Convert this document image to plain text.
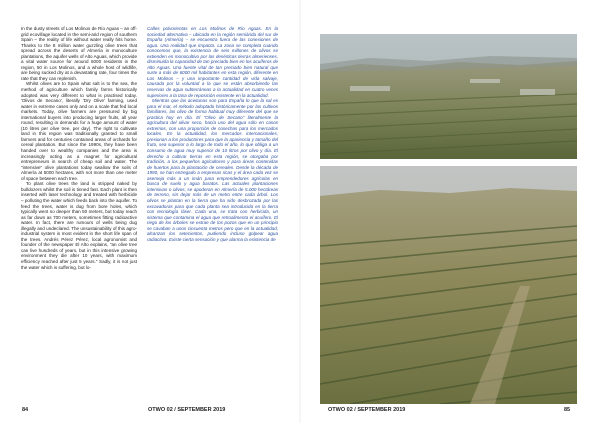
In the dusty streets of Los Molinos de Río Aguas – an off-grid ecovillage located in the semi-arid region of southern Spain – the reality of life without water really hits home. Thanks to the 8 million water guzzling olive trees that spread across the deserts of Almería in monoculture plantations, the aquifer wells of Alto Aguas, which provide a vital water source for around 6000 residents in the region, 50 in Los Molinos, and a whole host of wildlife, are being sucked dry at a devastating rate, four times the rate that they can replenish.

Whilst olives are to Spain what salt is to the sea, the method of agriculture which family farms historically adopted was very different to what is practised today. 'Olivos de Secano', literally 'Dry Olive' farming, used water in extreme cases only and on a scale that fed local markets. Today, olive farmers are pressured by big international buyers into producing larger fruits, all year round, resulting in demands for a huge amount of water (10 litres per olive tree, per day). The right to cultivate land in this region was traditionally granted to small farmers and for centuries contained areas of orchards for cereal plantation. But since the 1990s, they have been handed over to wealthy companies and the area is increasingly acting as a magnet for agricultural entrepreneurs in search of cheap soil and water. The "intensive" olive plantations today swallow the soils of Almería at 5000 hectares, with not more than one meter of space between each tree.

To plant olive trees the land is stripped naked by bulldozers whilst the soil is tinned fast. Each plant is then inserted with laser technology and treated with herbicide – polluting the water which feeds back into the aquifer. To feed the trees, water is dug from bore holes, which typically went no deeper than 50 meters, but today reach as far down as 700 meters, sometimes fitting radioactive water. In fact, there are rumours of wells being dug illegally and undeclared. The unsustainability of this agro-industrial system is most evident in the short life span of the trees. Andrés Pérez Pérez, local agronomist and founder of the newspaper El Alto explains, "an olive tree can live hundreds of years, but in this intensive growing environment they die after 10 years, with maximum efficiency reached after just 5 years." Sadly, it is not just the water which is suffering, but lo-

Calles polvorientas en Los Molinos de Río Aguas. En la sociedad alternativa – ubicada en la región semiárida del sur de España (Almería) – se encuentra fuera de las conexiones de agua. Una realidad que impacta. La zona se completa cuando conocemos que, la existencia de seis millones de olivos se extienden en monocultivo por las desérticas tierras almerienses, disminuida la capacidad de tan preciado bien en los acuíferos de Alto Aguas. Una fuente vital de tan preciado bien natural que surte a más de 6000 mil habitantes en esta región, diferente en Los Molinos – y una importante cantidad de vida salvaje, causada por la voluntad a la que se están absorbiendo las reservas de agua subterráneas a la actualidad en cuatro veces superiores a la tasa de reposición existente en la actualidad.

Mientras que las aceitunas son para España lo que la sal es para el mar, el método adoptado históricamente por las cultivos familiares, las olivo de forma habitual muy diferente del que se practica hoy en día. El "Olivo de Secano" literalmente la agricultura del olivar seco, hacía uso del agua sólo en casos extremos, con una proporción de cosechas para los mercados locales. En la actualidad, los mercados internacionales, presionan a los productores para que la apariencia y tamaño del fruto, sea superior a lo largo de todo el año, lo que obliga a un consumo de agua muy superior de 10 litros por olivo y día. El derecho a cultivar tierras en esta región, se otorgaba por tradición, a los pequeños agricultores y para áreas contenidas de huertos para la plantación de cereales. Desde la década de 1990, se han entregado a empresas ricas y el área cada vez se asemeja más a un imán para emprendedores agrícolas en busca de suelo y agua baratos. Las actuales plantaciones intensivas o olivos, se apoderan en Almería de 5.000 hectáreas de terreno, sin dejar más de un metro entre cada árbol. Los olivos se plantan en la tierra que ha sido desbrozada por las excavadoras para que cada planta sea introducida en la tierra con tecnología láser. Cada una, se trata con herbicida, un sistema que contamina el agua que retroalimenta el acuífero. El riego de los árboles se extrae de los pozos que en un principio se cavaban a unos cincuenta metros pero que en la actualidad, alcanzan los setecientos, pudiendo incluso golpear agua radiactiva. Existe cierta sensación y que alarma la existencia de

84	OTWO 02 / SEPTEMBER 2019	OTWO 02 / SEPTEMBER 2019	85
